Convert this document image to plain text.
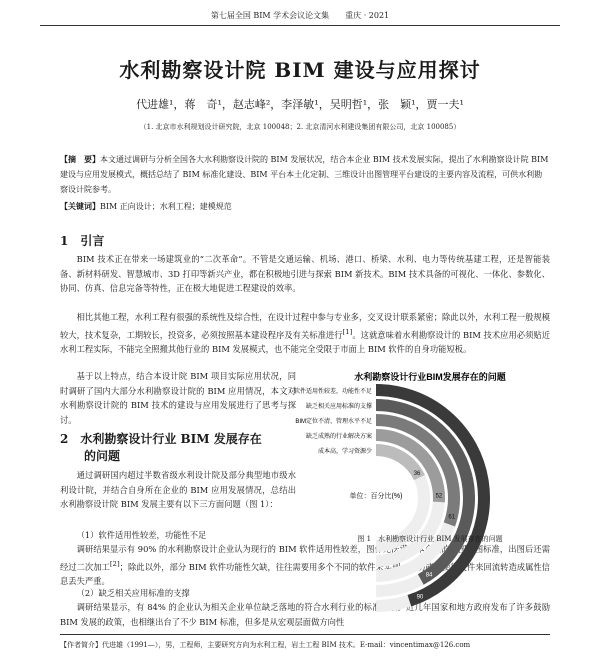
第七届全国 BIM 学术会议论文集　　重庆 · 2021
水利勘察设计院 BIM 建设与应用探讨
代进雄¹，蒋　奇¹，赵志峰²，李泽敏¹，吴明哲¹，张　颖¹，贾一夫¹
（1. 北京市水利规划设计研究院，北京 100048；2. 北京清河水利建设集团有限公司，北京 100085）
【摘　要】本文通过调研与分析全国各大水利勘察设计院的 BIM 发展状况，结合本企业 BIM 技术发展实际，提出了水利勘察设计院 BIM 建设与应用发展模式，概括总结了 BIM 标准化建设、BIM 平台本土化定制、三维设计出图管理平台建设的主要内容及流程，可供水利勘察设计院参考。
【关键词】BIM 正向设计；水利工程；建模规范
1　引言
BIM 技术正在带来一场建筑业的“二次革命”。不管是交通运输、机场、港口、桥梁、水利、电力等传统基建工程，还是智能装备、新材料研发、智慧城市、3D 打印等新兴产业，都在积极地引进与探索 BIM 新技术。BIM 技术具备的可视化、一体化、参数化、协同、仿真、信息完备等特性，正在极大地促进工程建设的效率。
相比其他工程，水利工程有很强的系统性及综合性，在设计过程中参与专业多，交叉设计联系紧密；除此以外，水利工程一般规模较大，技术复杂，工期较长，投资多，必须按照基本建设程序及有关标准进行[1]。这就意味着水利勘察设计的 BIM 技术应用必须贴近水利工程实际，不能完全照搬其他行业的 BIM 发展模式，也不能完全受限于市面上 BIM 软件的自身功能短板。
基于以上特点，结合本设计院 BIM 项目实际应用状况，同时调研了国内大部分水利勘察设计院的 BIM 应用情况，本文对水利勘察设计院的 BIM 技术的建设与应用发展进行了思考与探讨。
2　水利勘察设计行业 BIM 发展存在
的问题
通过调研国内超过半数省级水利设计院及部分典型地市级水利设计院，并结合自身所在企业的 BIM 应用发展情况，总结出水利勘察设计院 BIM 发展主要有以下三方面问题（图 1）：
（1）软件适用性较差，功能性不足
调研结果显示有 90% 的水利勘察设计企业认为现行的 BIM 软件适用性较差，图件无法满足本企业的制图出图标准，出图后还需经过二次加工[2]；除此以外，部分 BIM 软件功能性欠缺，往往需要用多个不同的软件来实现一项功能，使得文件来回流转造成属性信息丢失严重。
（2）缺乏相关应用标准的支撑
调研结果显示，有 84% 的企业认为相关企业单位缺乏落地的符合水利行业的标准体系。近几年国家和地方政府发布了许多鼓励 BIM 发展的政策，也相继出台了不少 BIM 标准，但多是从宏观层面做方向性
水利勘察设计行业BIM发展存在的问题
软件适用性较差，功能性不足
90
缺乏相关应用标准的支撑
84
BIM定位不清、管理水平不足
61
缺乏成熟的行业解决方案
52
成本高，学习资源少
36
单位：百分比(%)
图 1　水利勘察设计行业 BIM 发展存在的问题
【作者简介】代进雄（1991—），男，工程师，主要研究方向为水利工程，岩土工程 BIM 技术。E-mail：vincentimax@126.com
